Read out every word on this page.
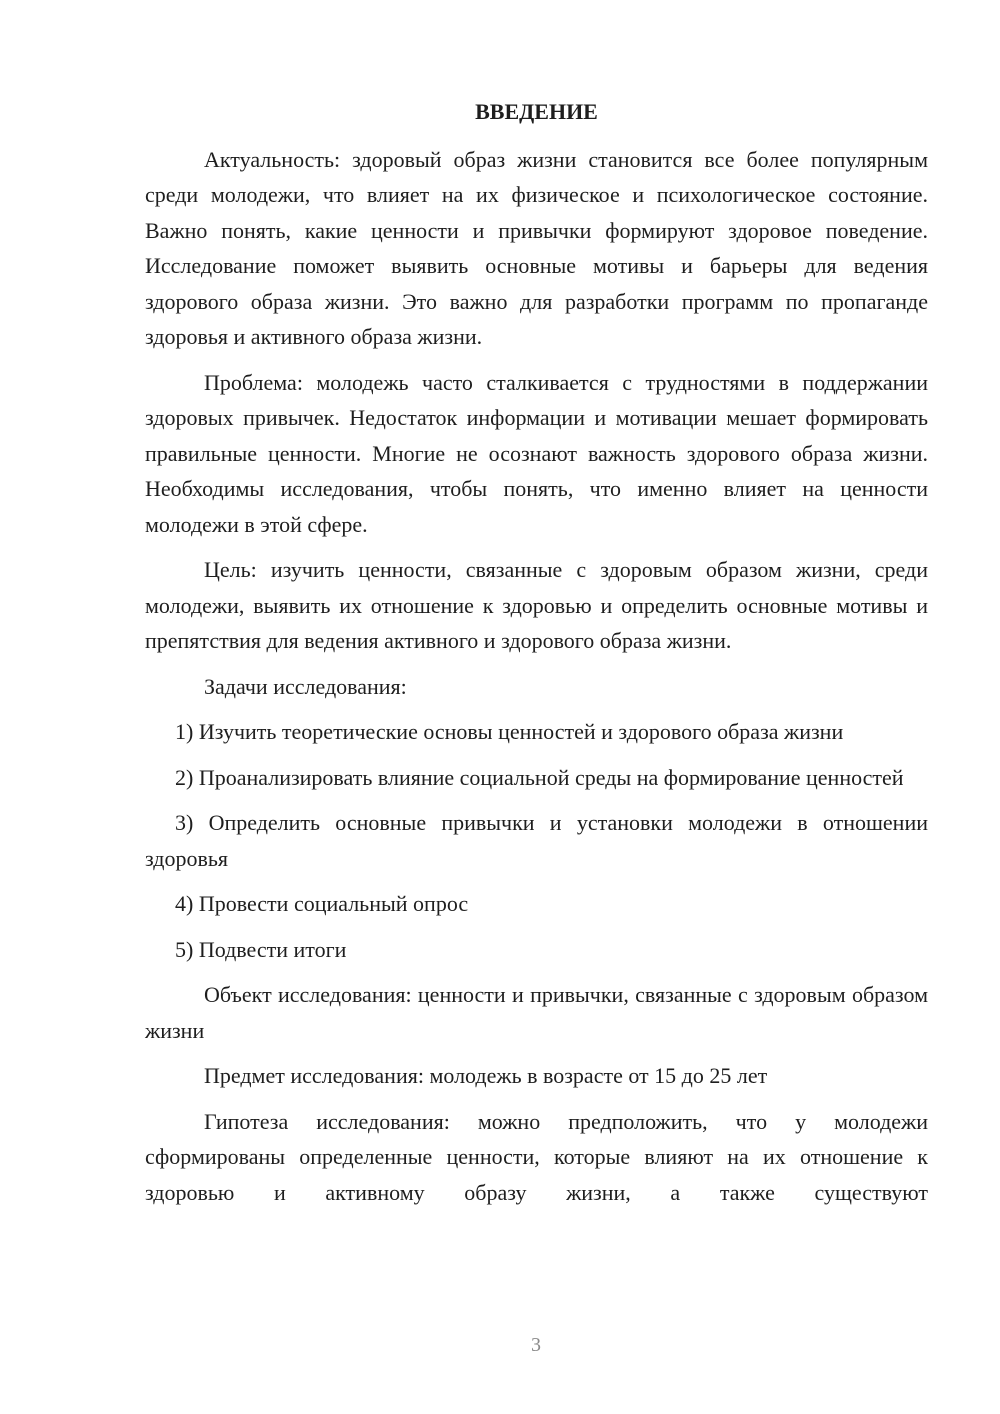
ВВЕДЕНИЕ

Актуальность: здоровый образ жизни становится все более популярным среди молодежи, что влияет на их физическое и психологическое состояние. Важно понять, какие ценности и привычки формируют здоровое поведение. Исследование поможет выявить основные мотивы и барьеры для ведения здорового образа жизни. Это важно для разработки программ по пропаганде здоровья и активного образа жизни.

Проблема: молодежь часто сталкивается с трудностями в поддержании здоровых привычек. Недостаток информации и мотивации мешает формировать правильные ценности. Многие не осознают важность здорового образа жизни. Необходимы исследования, чтобы понять, что именно влияет на ценности молодежи в этой сфере.

Цель: изучить ценности, связанные с здоровым образом жизни, среди молодежи, выявить их отношение к здоровью и определить основные мотивы и препятствия для ведения активного и здорового образа жизни.

Задачи исследования:

1) Изучить теоретические основы ценностей и здорового образа жизни

2) Проанализировать влияние социальной среды на формирование ценностей

3) Определить основные привычки и установки молодежи в отношении здоровья

4) Провести социальный опрос

5) Подвести итоги

Объект исследования: ценности и привычки, связанные с здоровым образом жизни

Предмет исследования: молодежь в возрасте от 15 до 25 лет

Гипотеза исследования: можно предположить, что у молодежи сформированы определенные ценности, которые влияют на их отношение к здоровью и активному образу жизни, а также существуют

3
